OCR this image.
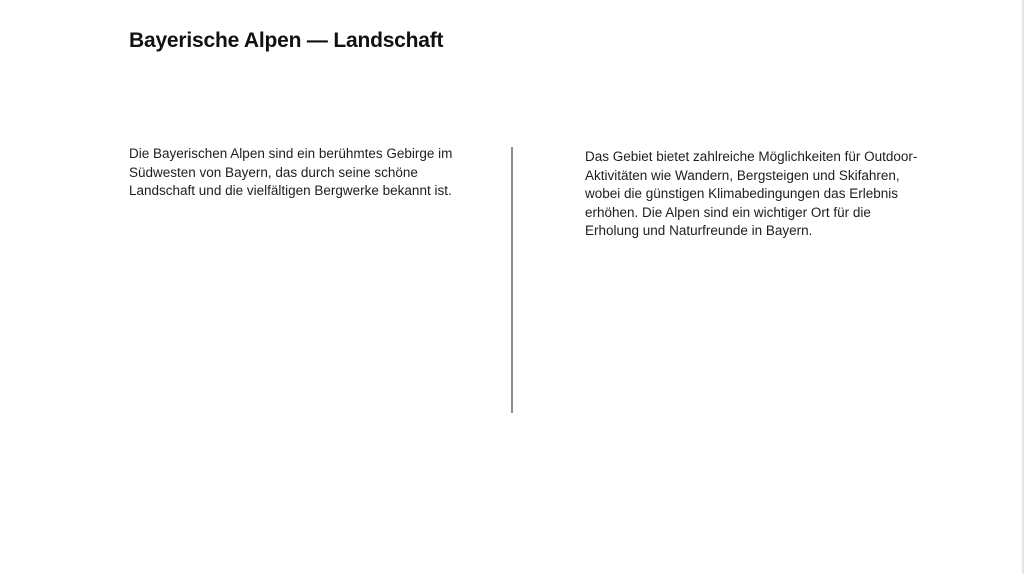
Bayerische Alpen — Landschaft
Die Bayerischen Alpen sind ein berühmtes Gebirge im Südwesten von Bayern, das durch seine schöne Landschaft und die vielfältigen Bergwerke bekannt ist.
Das Gebiet bietet zahlreiche Möglichkeiten für Outdoor-Aktivitäten wie Wandern, Bergsteigen und Skifahren, wobei die günstigen Klimabedingungen das Erlebnis erhöhen. Die Alpen sind ein wichtiger Ort für die Erholung und Naturfreunde in Bayern.
